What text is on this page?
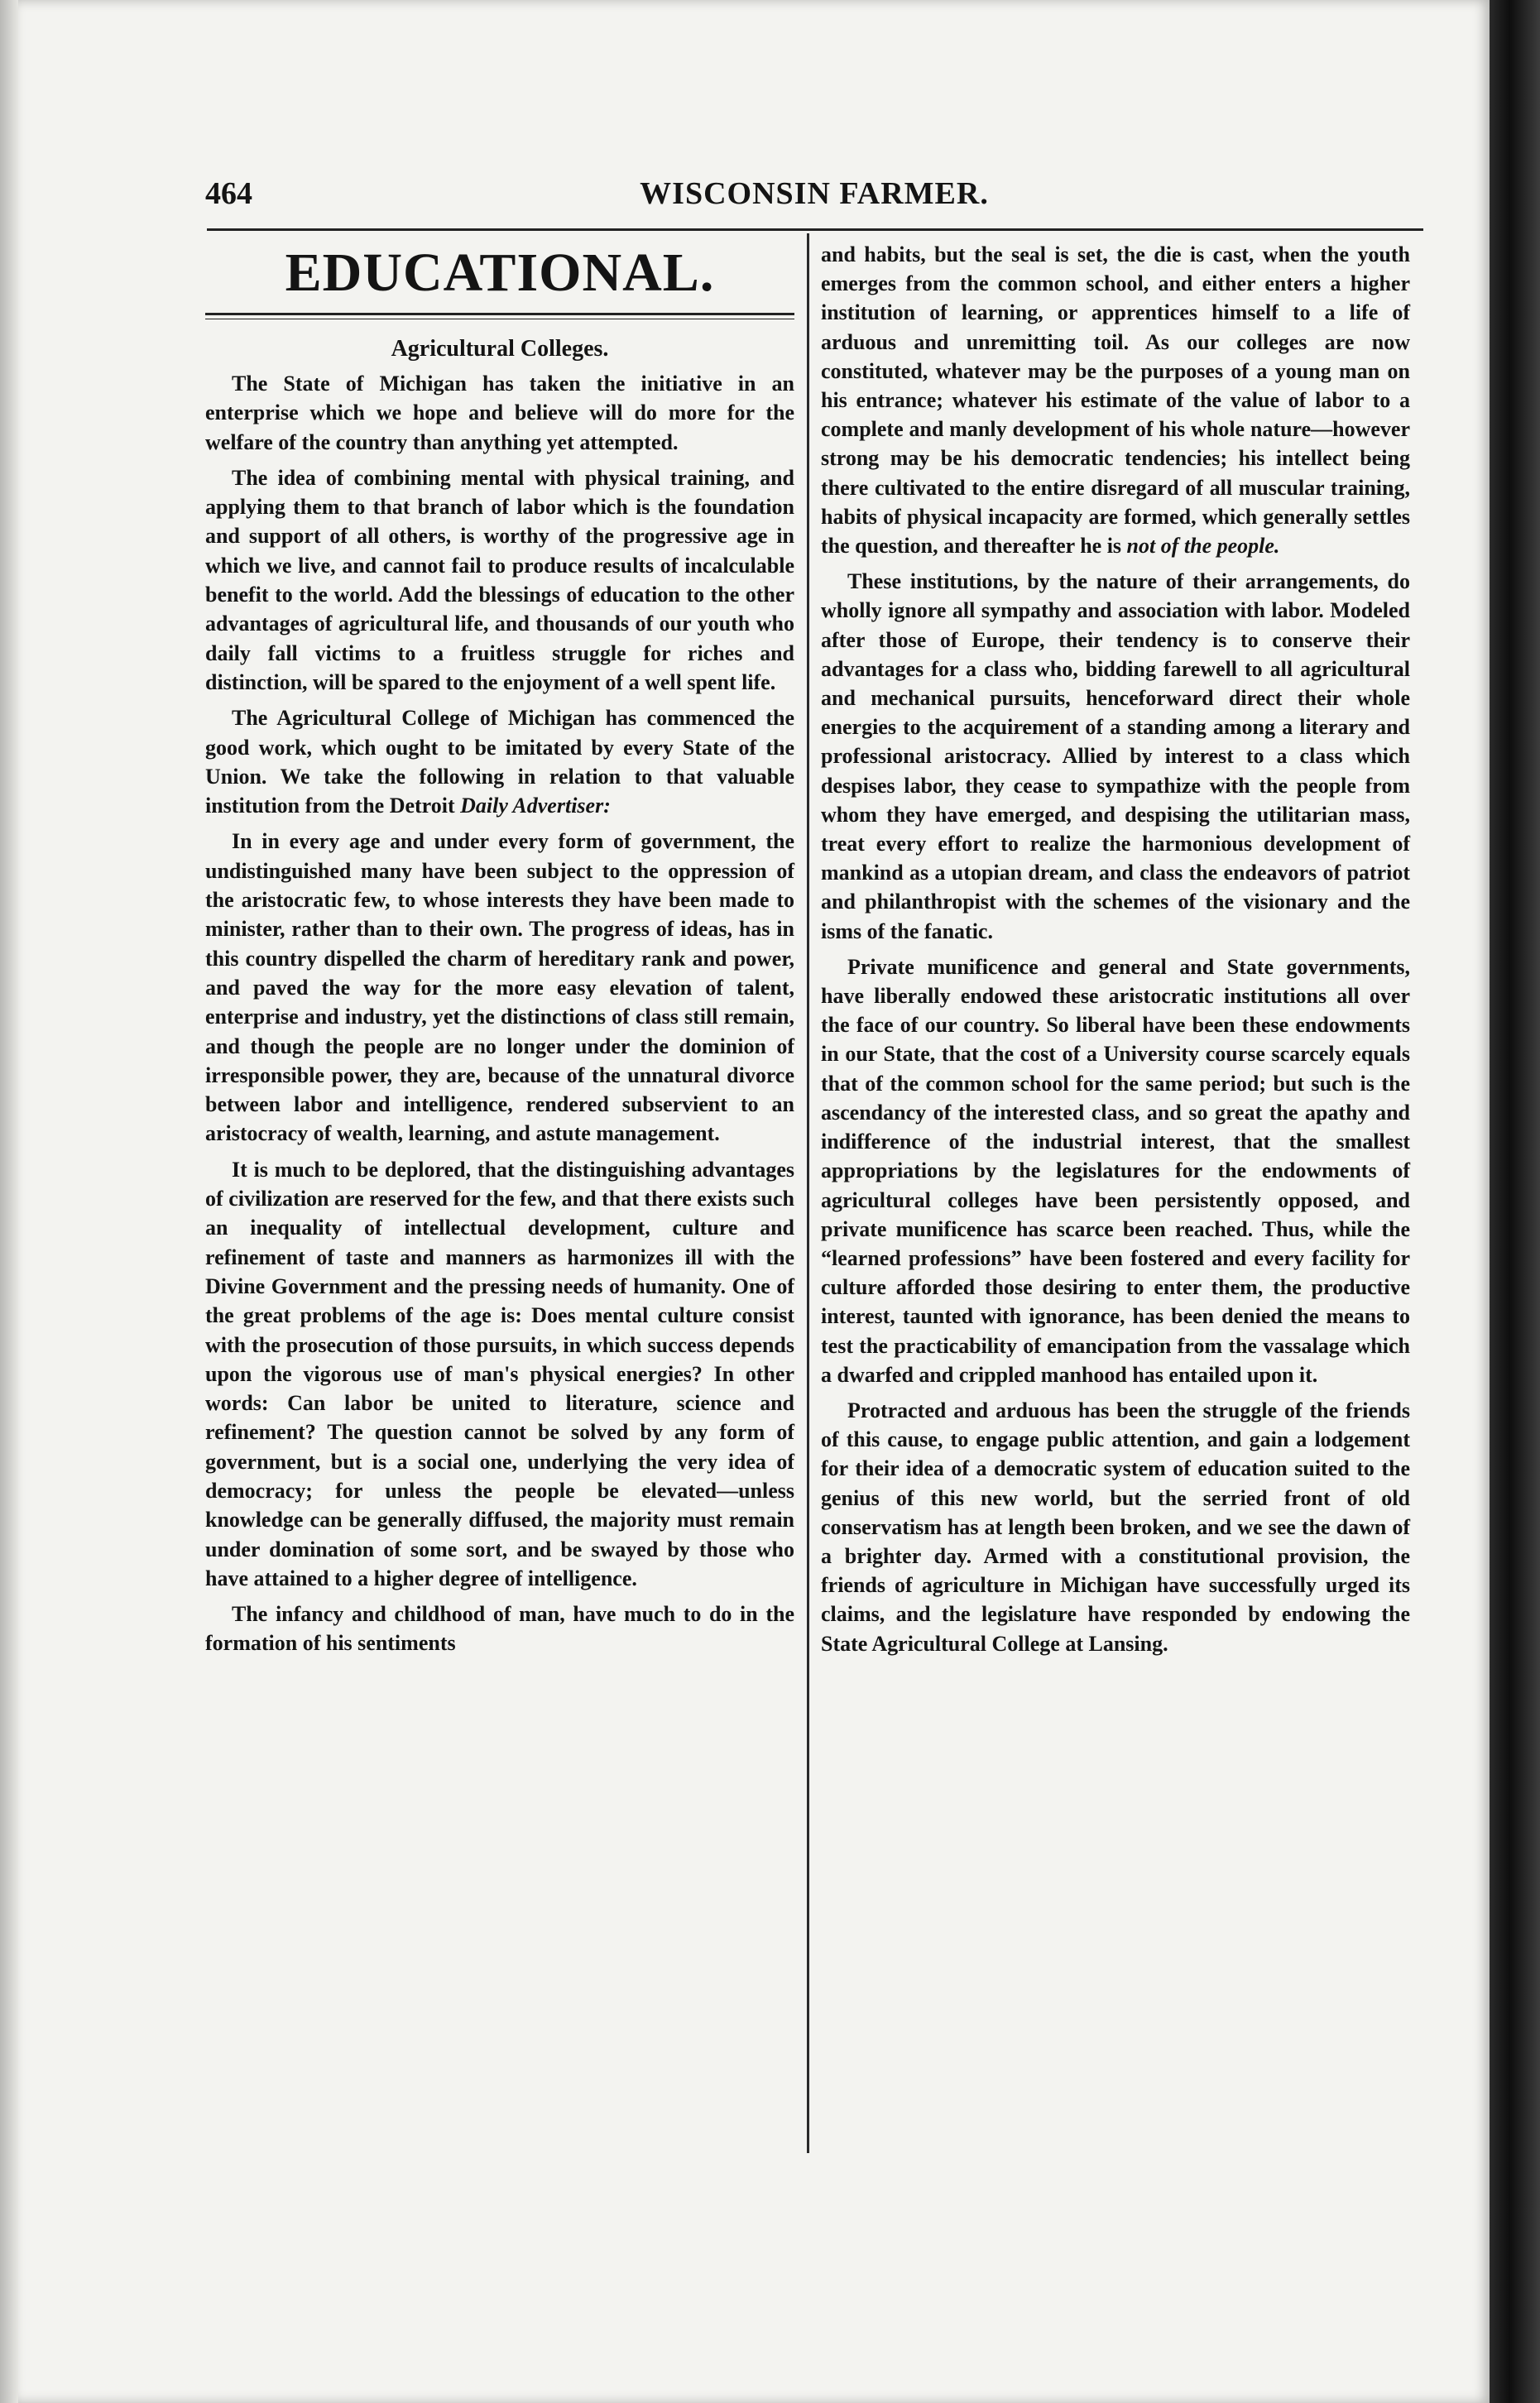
464	WISCONSIN FARMER.
EDUCATIONAL.
Agricultural Colleges.

The State of Michigan has taken the initiative in an enterprise which we hope and believe will do more for the welfare of the country than anything yet attempted.

The idea of combining mental with physical training, and applying them to that branch of labor which is the foundation and support of all others, is worthy of the progressive age in which we live, and cannot fail to produce results of incalculable benefit to the world. Add the blessings of education to the other advantages of agricultural life, and thousands of our youth who daily fall victims to a fruitless struggle for riches and distinction, will be spared to the enjoyment of a well spent life.

The Agricultural College of Michigan has commenced the good work, which ought to be imitated by every State of the Union. We take the following in relation to that valuable institution from the Detroit Daily Advertiser:

In in every age and under every form of government, the undistinguished many have been subject to the oppression of the aristocratic few, to whose interests they have been made to minister, rather than to their own. The progress of ideas, has in this country dispelled the charm of hereditary rank and power, and paved the way for the more easy elevation of talent, enterprise and industry, yet the distinctions of class still remain, and though the people are no longer under the dominion of irresponsible power, they are, because of the unnatural divorce between labor and intelligence, rendered subservient to an aristocracy of wealth, learning, and astute management.

It is much to be deplored, that the distinguishing advantages of civilization are reserved for the few, and that there exists such an inequality of intellectual development, culture and refinement of taste and manners as harmonizes ill with the Divine Government and the pressing needs of humanity. One of the great problems of the age is: Does mental culture consist with the prosecution of those pursuits, in which success depends upon the vigorous use of man's physical energies? In other words: Can labor be united to literature, science and refinement? The question cannot be solved by any form of government, but is a social one, underlying the very idea of democracy; for unless the people be elevated—unless knowledge can be generally diffused, the majority must remain under domination of some sort, and be swayed by those who have attained to a higher degree of intelligence.

The infancy and childhood of man, have much to do in the formation of his sentiments

and habits, but the seal is set, the die is cast, when the youth emerges from the common school, and either enters a higher institution of learning, or apprentices himself to a life of arduous and unremitting toil. As our colleges are now constituted, whatever may be the purposes of a young man on his entrance; whatever his estimate of the value of labor to a complete and manly development of his whole nature—however strong may be his democratic tendencies; his intellect being there cultivated to the entire disregard of all muscular training, habits of physical incapacity are formed, which generally settles the question, and thereafter he is not of the people.

These institutions, by the nature of their arrangements, do wholly ignore all sympathy and association with labor. Modeled after those of Europe, their tendency is to conserve their advantages for a class who, bidding farewell to all agricultural and mechanical pursuits, henceforward direct their whole energies to the acquirement of a standing among a literary and professional aristocracy. Allied by interest to a class which despises labor, they cease to sympathize with the people from whom they have emerged, and despising the utilitarian mass, treat every effort to realize the harmonious development of mankind as a utopian dream, and class the endeavors of patriot and philanthropist with the schemes of the visionary and the isms of the fanatic.

Private munificence and general and State governments, have liberally endowed these aristocratic institutions all over the face of our country. So liberal have been these endowments in our State, that the cost of a University course scarcely equals that of the common school for the same period; but such is the ascendancy of the interested class, and so great the apathy and indifference of the industrial interest, that the smallest appropriations by the legislatures for the endowments of agricultural colleges have been persistently opposed, and private munificence has scarce been reached. Thus, while the “learned professions” have been fostered and every facility for culture afforded those desiring to enter them, the productive interest, taunted with ignorance, has been denied the means to test the practicability of emancipation from the vassalage which a dwarfed and crippled manhood has entailed upon it.

Protracted and arduous has been the struggle of the friends of this cause, to engage public attention, and gain a lodgement for their idea of a democratic system of education suited to the genius of this new world, but the serried front of old conservatism has at length been broken, and we see the dawn of a brighter day. Armed with a constitutional provision, the friends of agriculture in Michigan have successfully urged its claims, and the legislature have responded by endowing the State Agricultural College at Lansing.
